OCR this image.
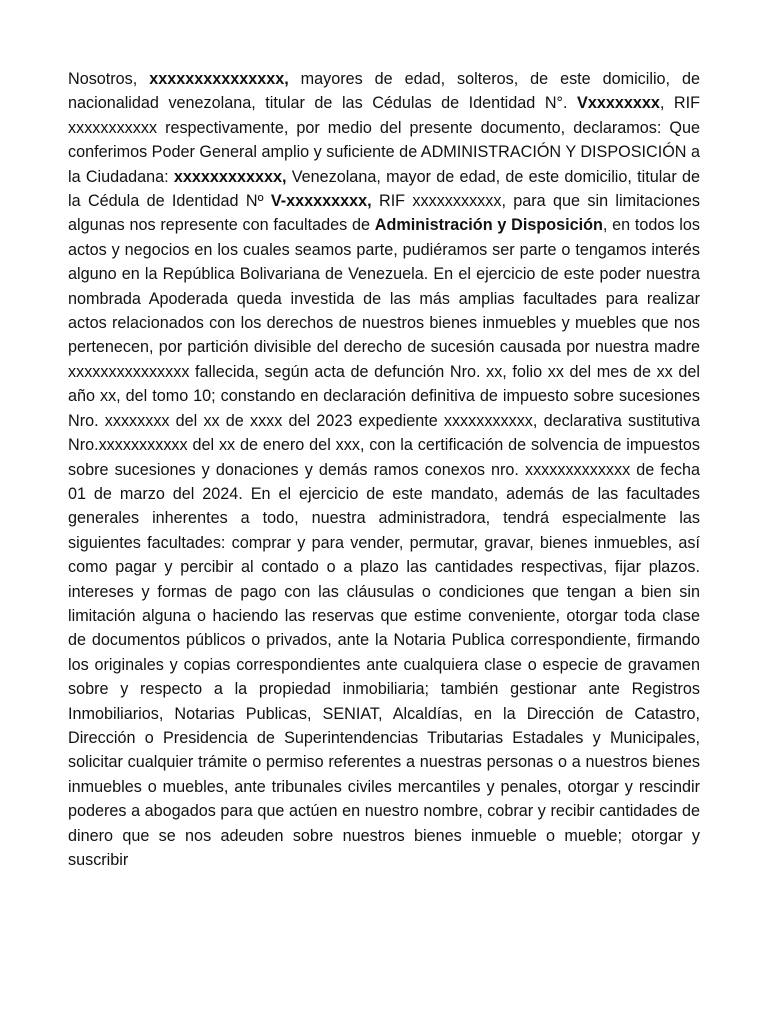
Nosotros, xxxxxxxxxxxxxxx, mayores de edad, solteros, de este domicilio, de nacionalidad venezolana, titular de las Cédulas de Identidad N°. Vxxxxxxxx, RIF xxxxxxxxxxx respectivamente, por medio del presente documento, declaramos: Que conferimos Poder General amplio y suficiente de ADMINISTRACIÓN Y DISPOSICIÓN a la Ciudadana: xxxxxxxxxxxx, Venezolana, mayor de edad, de este domicilio, titular de la Cédula de Identidad Nº V-xxxxxxxxx, RIF xxxxxxxxxxx, para que sin limitaciones algunas nos represente con facultades de Administración y Disposición, en todos los actos y negocios en los cuales seamos parte, pudiéramos ser parte o tengamos interés alguno en la República Bolivariana de Venezuela. En el ejercicio de este poder nuestra nombrada Apoderada queda investida de las más amplias facultades para realizar actos relacionados con los derechos de nuestros bienes inmuebles y muebles que nos pertenecen, por partición divisible del derecho de sucesión causada por nuestra madre xxxxxxxxxxxxxxx fallecida, según acta de defunción Nro. xx, folio xx del mes de xx del año xx, del tomo 10; constando en declaración definitiva de impuesto sobre sucesiones Nro. xxxxxxxx del xx de xxxx del 2023 expediente xxxxxxxxxxx, declarativa sustitutiva Nro.xxxxxxxxxxx del xx de enero del xxx, con la certificación de solvencia de impuestos sobre sucesiones y donaciones y demás ramos conexos nro. xxxxxxxxxxxxx de fecha 01 de marzo del 2024. En el ejercicio de este mandato, además de las facultades generales inherentes a todo, nuestra administradora, tendrá especialmente las siguientes facultades: comprar y para vender, permutar, gravar, bienes inmuebles, así como pagar y percibir al contado o a plazo las cantidades respectivas, fijar plazos. intereses y formas de pago con las cláusulas o condiciones que tengan a bien sin limitación alguna o haciendo las reservas que estime conveniente, otorgar toda clase de documentos públicos o privados, ante la Notaria Publica correspondiente, firmando los originales y copias correspondientes ante cualquiera clase o especie de gravamen sobre y respecto a la propiedad inmobiliaria; también gestionar ante Registros Inmobiliarios, Notarias Publicas, SENIAT, Alcaldías, en la Dirección de Catastro, Dirección o Presidencia de Superintendencias Tributarias Estadales y Municipales, solicitar cualquier trámite o permiso referentes a nuestras personas o a nuestros bienes inmuebles o muebles, ante tribunales civiles mercantiles y penales, otorgar y rescindir poderes a abogados para que actúen en nuestro nombre, cobrar y recibir cantidades de dinero que se nos adeuden sobre nuestros bienes inmueble o mueble; otorgar y suscribir
